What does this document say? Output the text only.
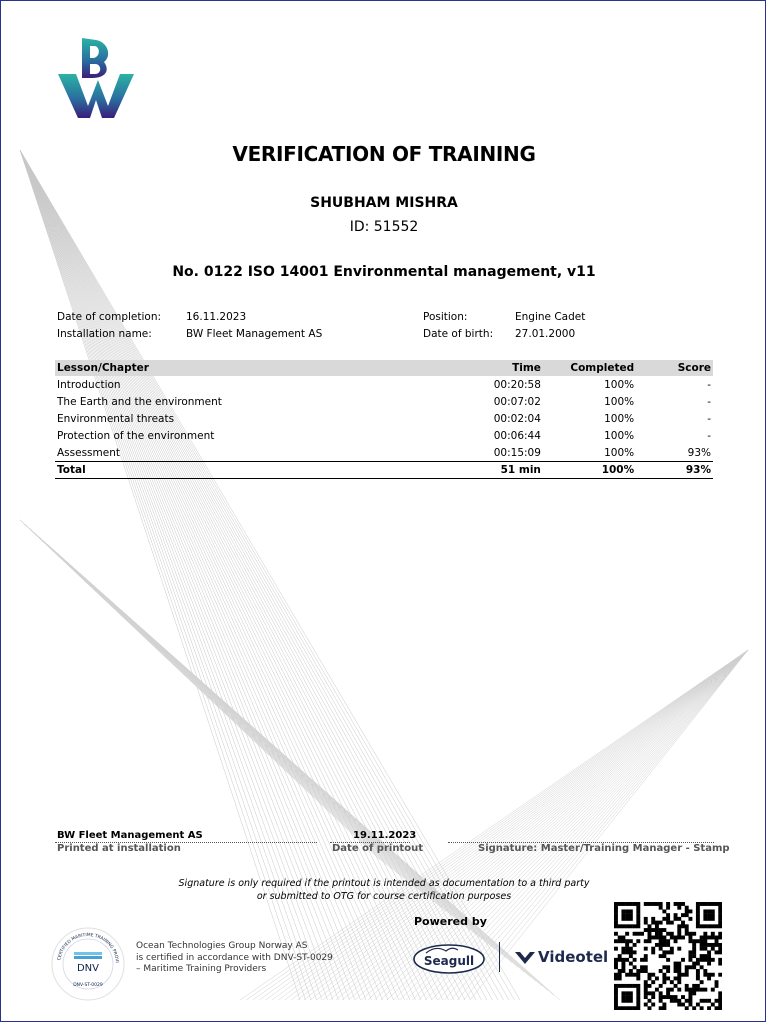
VERIFICATION OF TRAINING
SHUBHAM MISHRA
ID: 51552
No. 0122 ISO 14001 Environmental management, v11
Date of completion: 16.11.2023
Installation name:	BW Fleet Management AS
Position:	Engine Cadet
Date of birth: 27.01.2000
Lesson/Chapter	Time	Completed	Score
Introduction	00:20:58	100%	-
The Earth and the environment	00:07:02	100%	-
Environmental threats	00:02:04	100%	-
Protection of the environment	00:06:44	100%	-
Assessment	00:15:09	100%	93%
Total	51 min	100%	93%
BW Fleet Management AS
Printed at installation
19.11.2023
Date of printout	Signature: Master/Training Manager - Stamp
Signature is only required if the printout is intended as documentation to a third party
or submitted to OTG for course certification purposes
CERTIFIED MARITIME TRAINING PROVI
DNV
DNV-ST-0029
Ocean Technologies Group Norway AS
is certified in accordance with DNV-ST-0029
– Maritime Training Providers
Powered by
Seagull	Videotel
